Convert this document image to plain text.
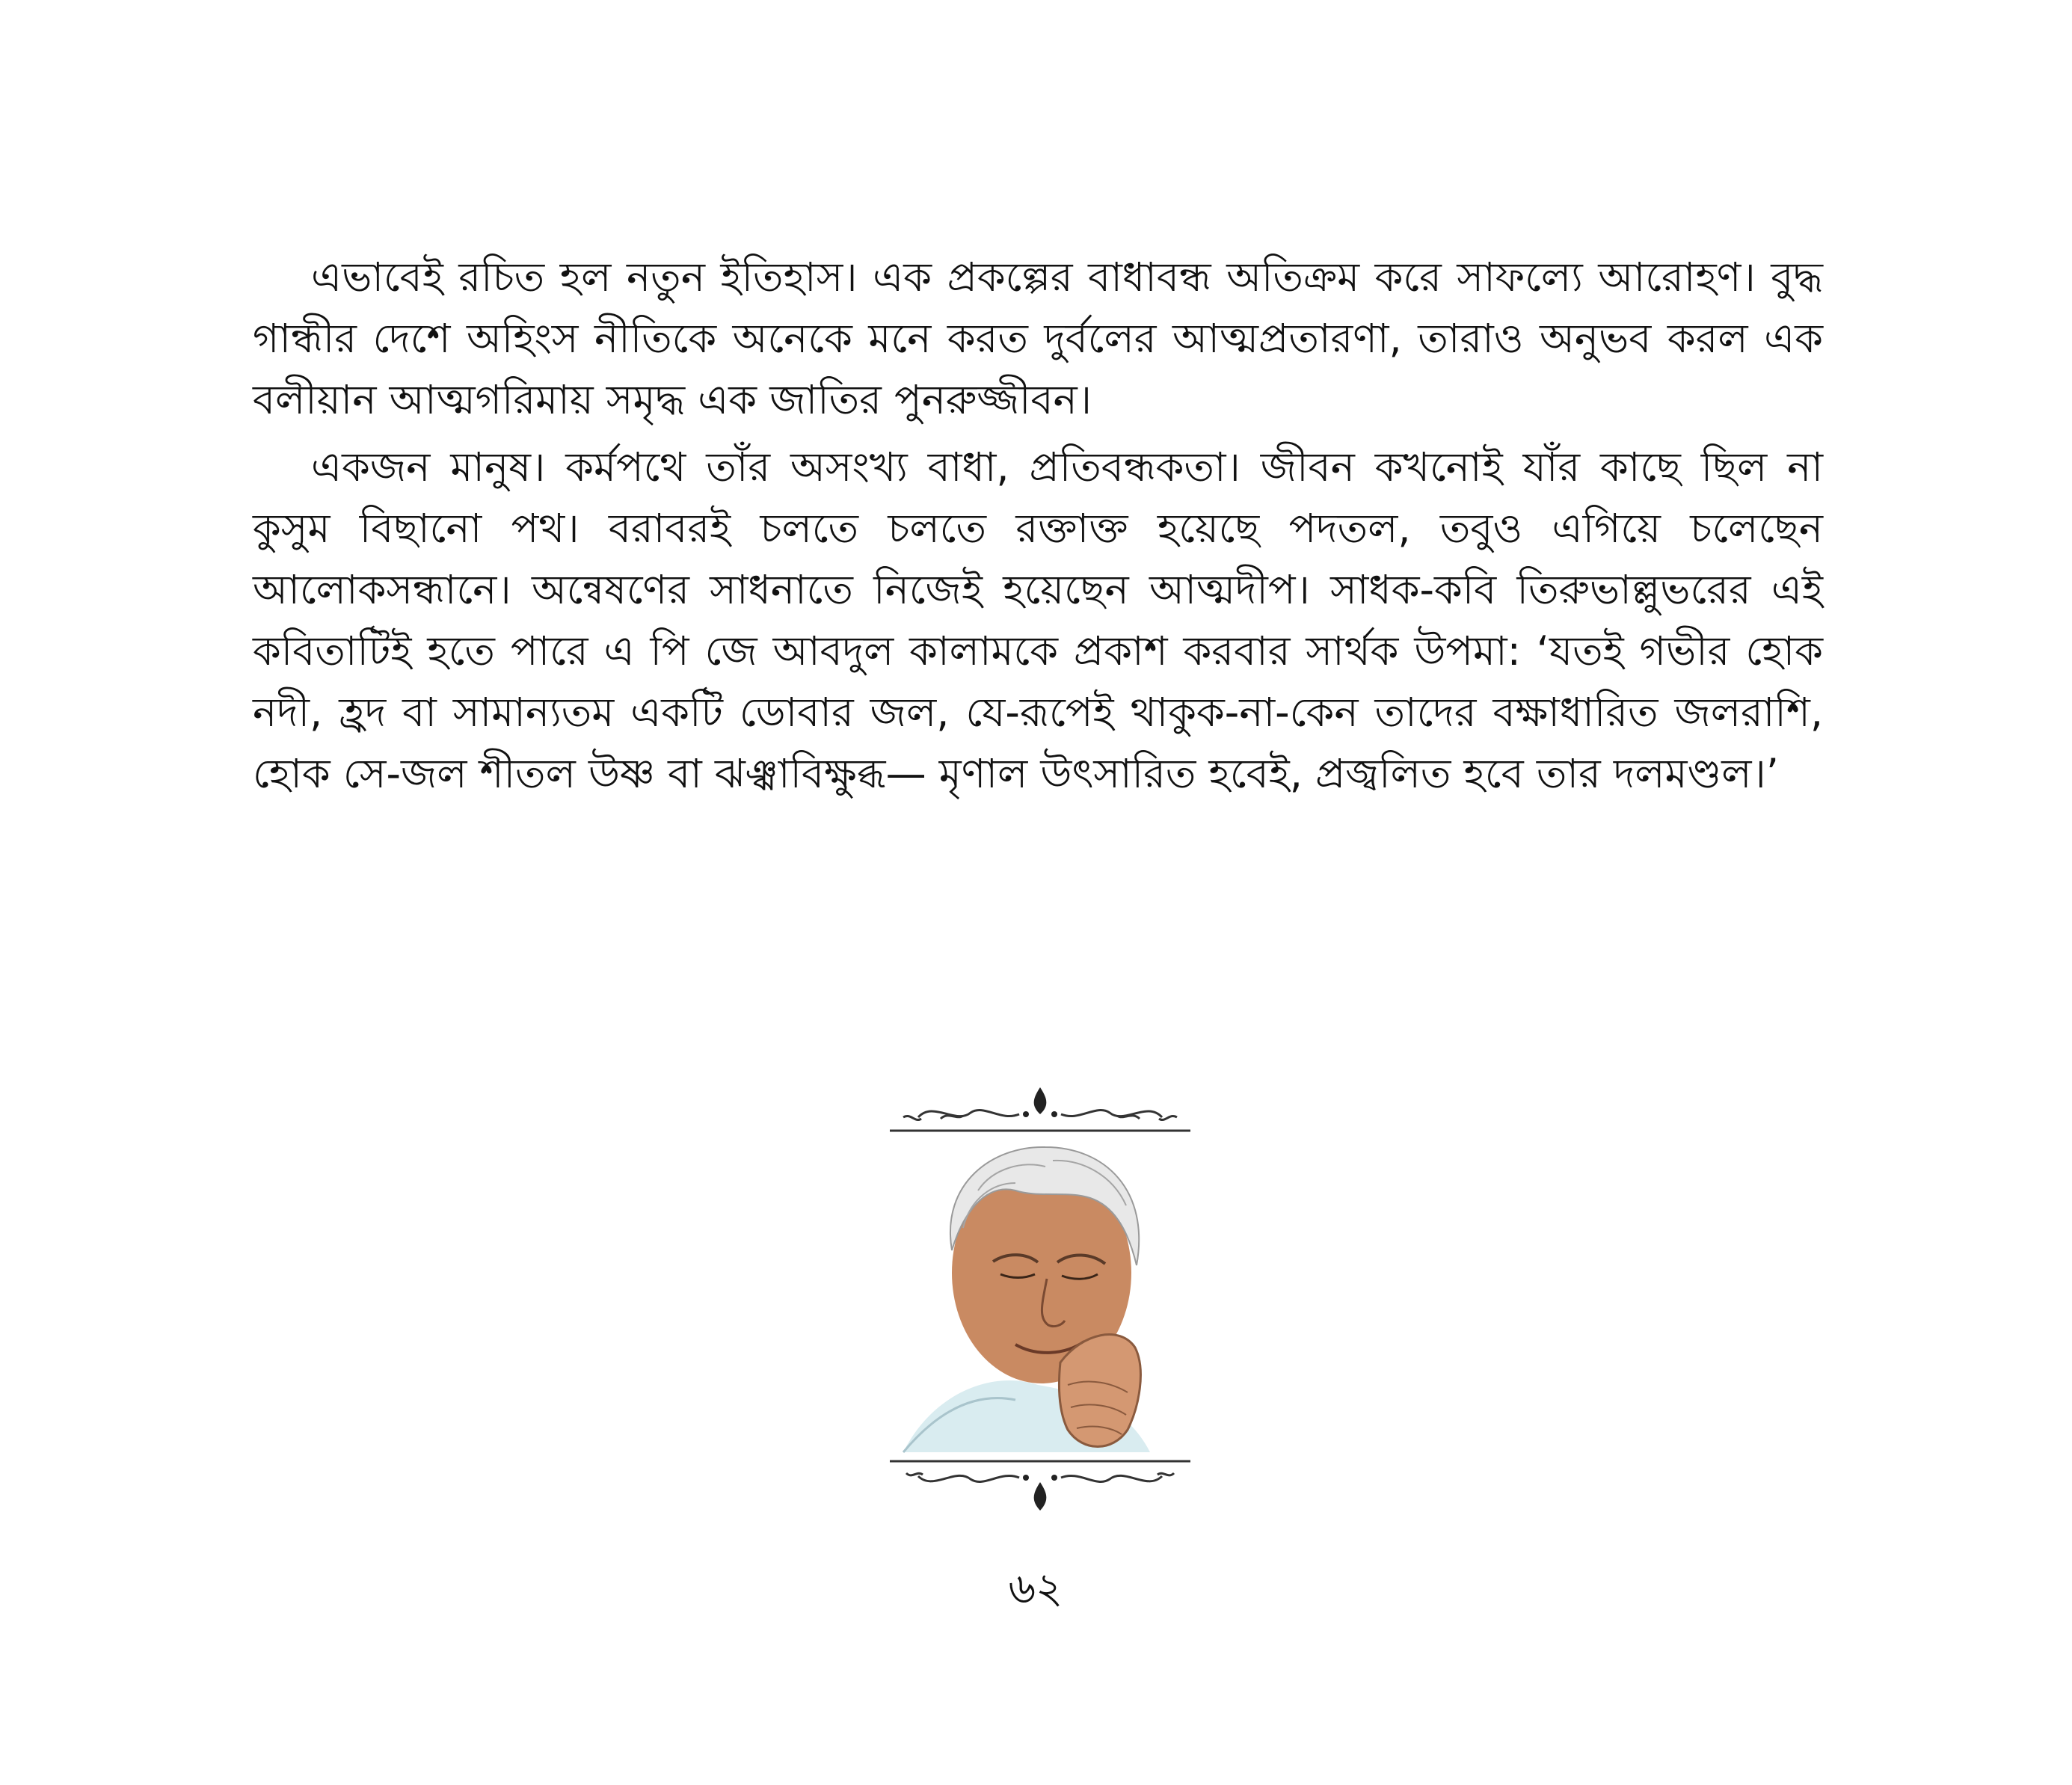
এভাবেই রচিত হল নতুন ইতিহাস। এক প্রকল্পের বাধাবন্ধ অতিক্রম করে সাফল্যে আরোহণ। বুদ্ধ গান্ধীর দেশে অহিংস নীতিকে অনেকে মনে করত দুর্বলের আত্মপ্রতারণা, তারাও অনুভব করল এক বলীয়ান আত্মগরিমায় সমৃদ্ধ এক জাতির পুনরুজ্জীবন।

একজন মানুষ। কর্মপথে তাঁর অসংখ্য বাধা, প্রতিবন্ধকতা। জীবন কখনোই যাঁর কাছে ছিল না কুসুম বিছানো পথ। বরাবরই চলতে চলতে রক্তাক্ত হয়েছে পদতল, তবুও এগিয়ে চলেছেন আলোকসন্ধানে। অন্বেষণের সাধনাতে নিজেই হয়েছেন আত্মদীপ। সাধক-কবি তিরুভাল্লুভরের এই কবিতাটিই হতে পারে এ পি জে আবদুল কালামকে প্রকাশ করবার সার্থক উপমা: ‘যতই গভীর হোক নদী, হ্রদ বা সামান্যতম একটি ডোবার জল, যে-রূপেই থাকুক-না-কেন তাদের বক্ষাধারিত জলরাশি, হোক সে-জল শীতল উষ্ণ বা ঝঞ্ঝাবিক্ষুব্ধ— মৃণাল উৎসারিত হবেই, প্রজ্বলিত হবে তার দলমণ্ডল।’

৬২
